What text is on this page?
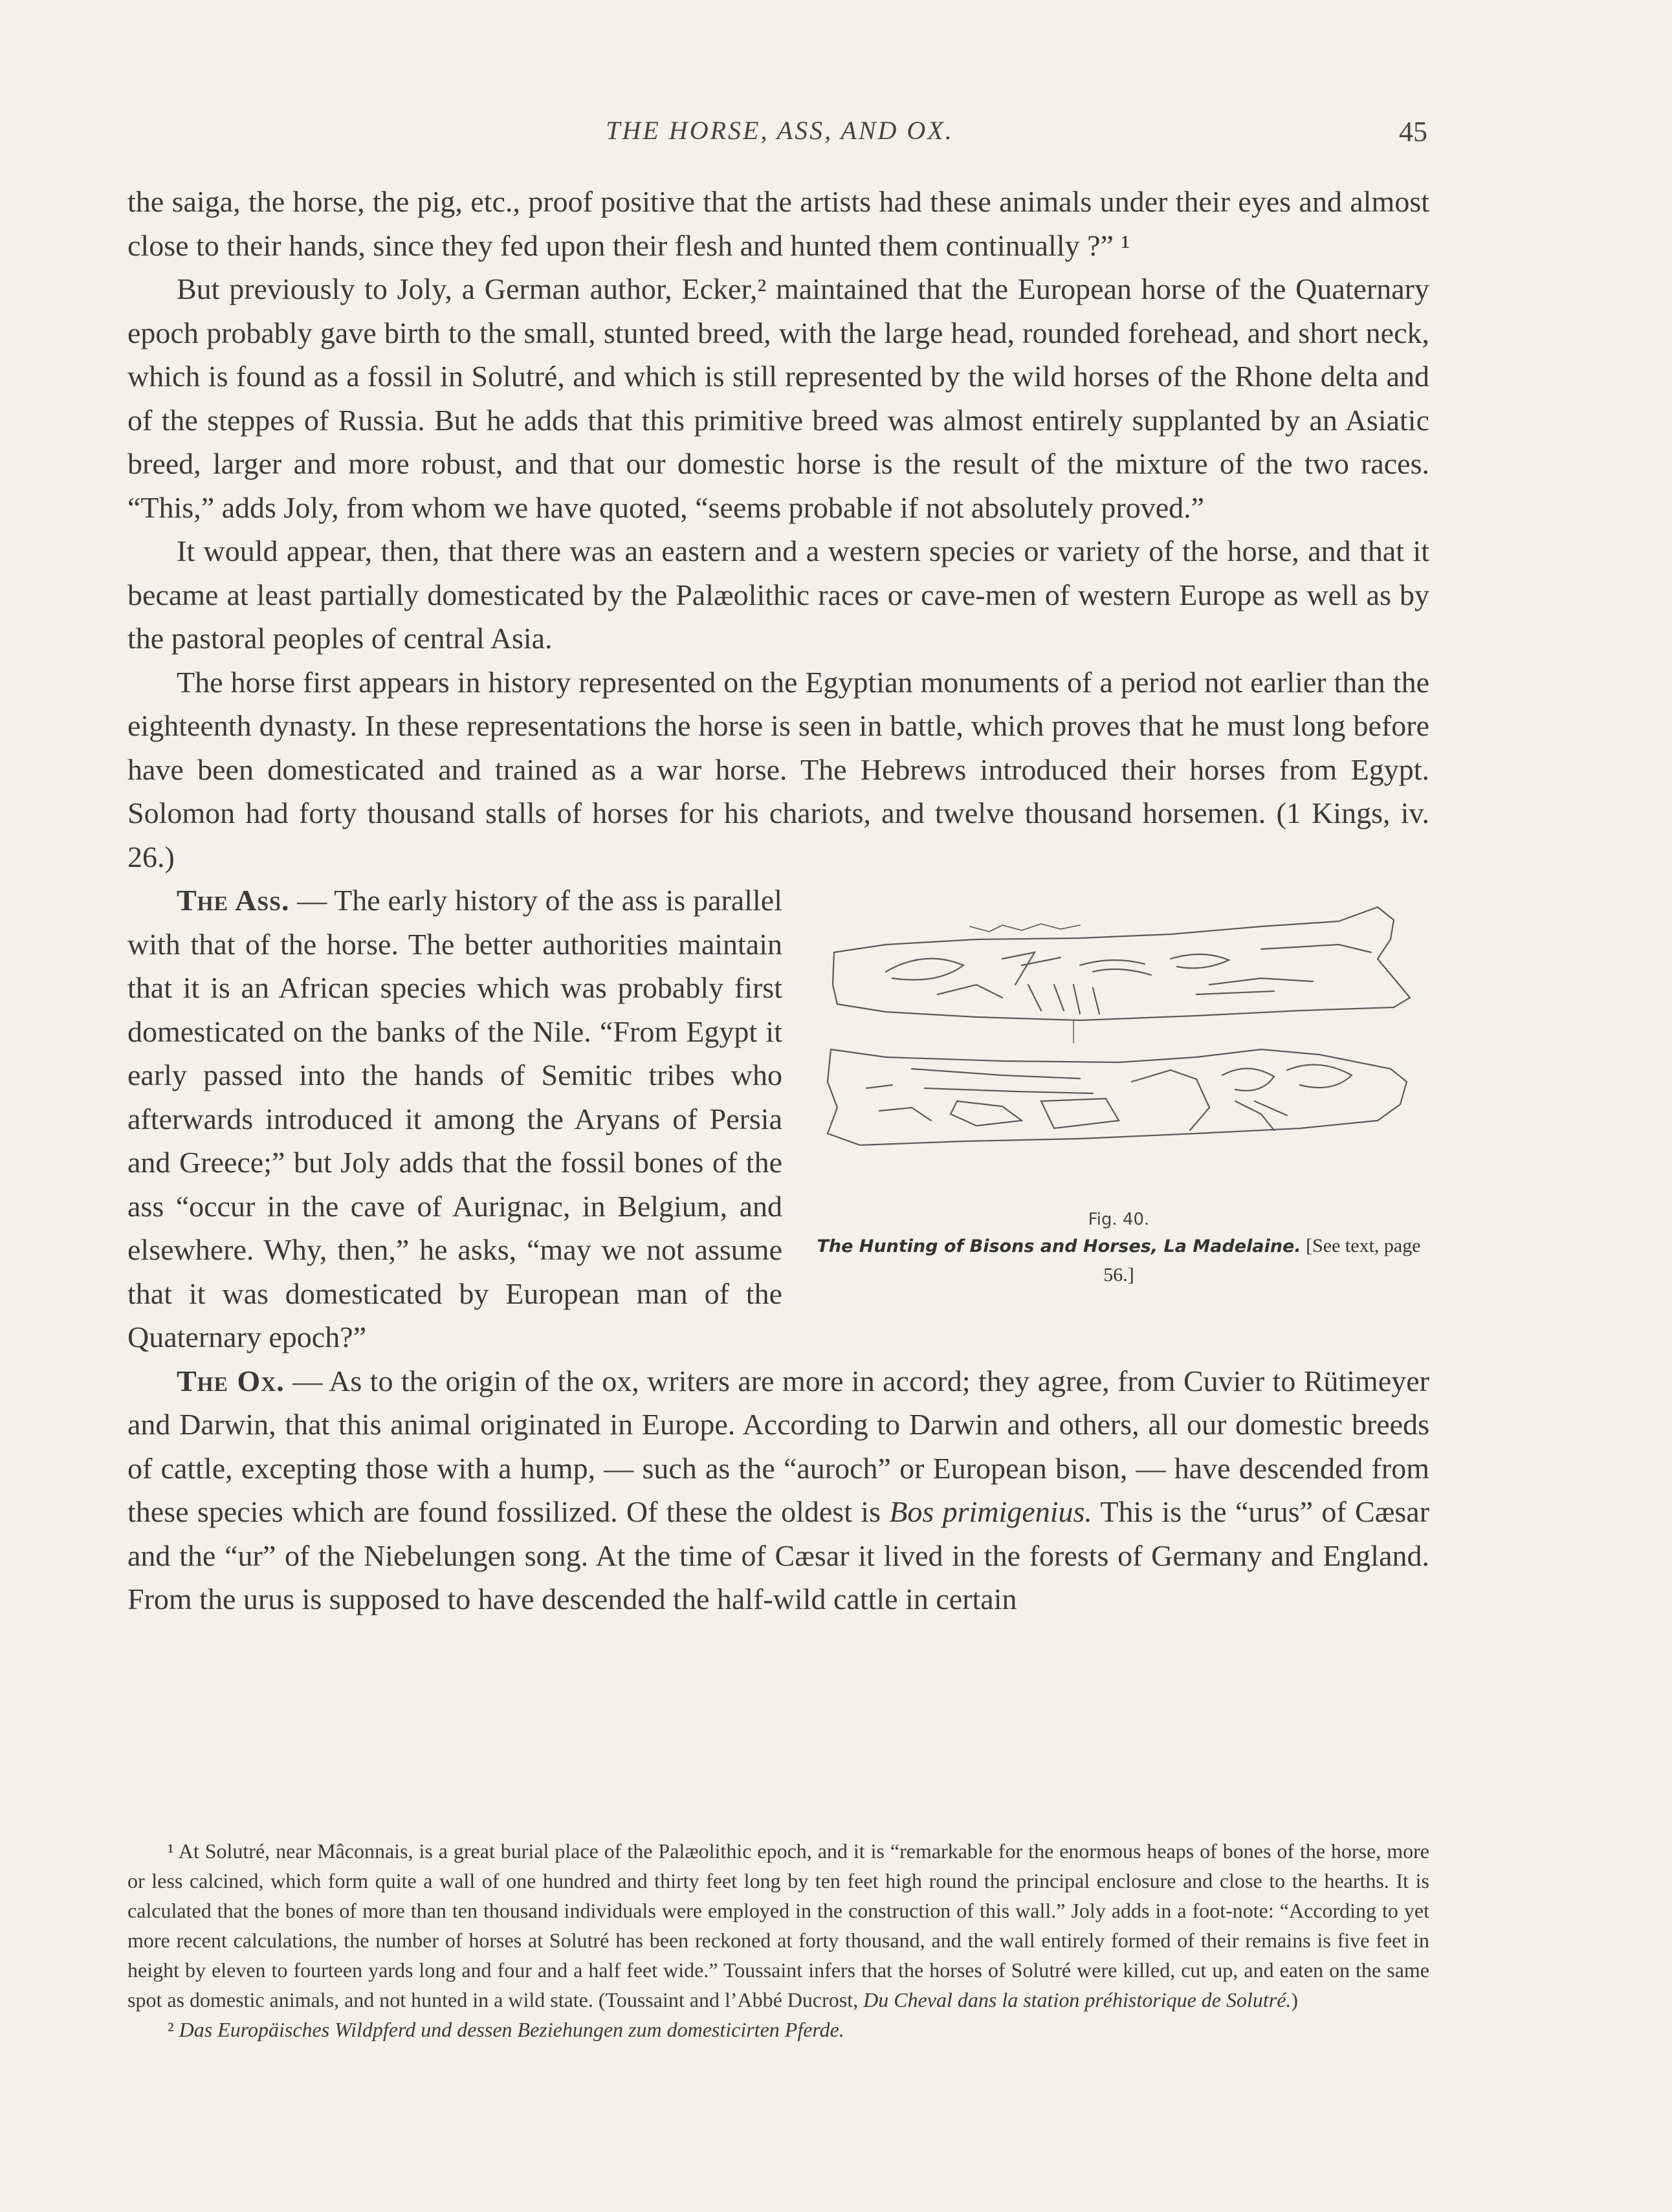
THE HORSE, ASS, AND OX.	45

the saiga, the horse, the pig, etc., proof positive that the artists had these animals under their eyes and almost close to their hands, since they fed upon their flesh and hunted them continually ?” ¹

But previously to Joly, a German author, Ecker,² maintained that the European horse of the Quaternary epoch probably gave birth to the small, stunted breed, with the large head, rounded forehead, and short neck, which is found as a fossil in Solutré, and which is still represented by the wild horses of the Rhone delta and of the steppes of Russia. But he adds that this primitive breed was almost entirely supplanted by an Asiatic breed, larger and more robust, and that our domestic horse is the result of the mixture of the two races. “This,” adds Joly, from whom we have quoted, “seems probable if not absolutely proved.”

It would appear, then, that there was an eastern and a western species or variety of the horse, and that it became at least partially domesticated by the Palæolithic races or cave-men of western Europe as well as by the pastoral peoples of central Asia.

The horse first appears in history represented on the Egyptian monuments of a period not earlier than the eighteenth dynasty. In these representations the horse is seen in battle, which proves that he must long before have been domesticated and trained as a war horse. The Hebrews introduced their horses from Egypt. Solomon had forty thousand stalls of horses for his chariots, and twelve thousand horsemen. (1 Kings, iv. 26.)

Fig. 40.
The Hunting of Bisons and Horses, La Madelaine. [See text, page 56.]

The Ass. — The early history of the ass is parallel with that of the horse. The better authorities maintain that it is an African species which was probably first domesticated on the banks of the Nile. “From Egypt it early passed into the hands of Semitic tribes who afterwards introduced it among the Aryans of Persia and Greece;” but Joly adds that the fossil bones of the ass “occur in the cave of Aurignac, in Belgium, and elsewhere. Why, then,” he asks, “may we not assume that it was domesticated by European man of the Quaternary epoch?”

The Ox. — As to the origin of the ox, writers are more in accord; they agree, from Cuvier to Rütimeyer and Darwin, that this animal originated in Europe. According to Darwin and others, all our domestic breeds of cattle, excepting those with a hump, — such as the “auroch” or European bison, — have descended from these species which are found fossilized. Of these the oldest is Bos primigenius. This is the “urus” of Cæsar and the “ur” of the Niebelungen song. At the time of Cæsar it lived in the forests of Germany and England. From the urus is supposed to have descended the half-wild cattle in certain

¹ At Solutré, near Mâconnais, is a great burial place of the Palæolithic epoch, and it is “remarkable for the enormous heaps of bones of the horse, more or less calcined, which form quite a wall of one hundred and thirty feet long by ten feet high round the principal enclosure and close to the hearths. It is calculated that the bones of more than ten thousand individuals were employed in the construction of this wall.” Joly adds in a foot-note: “According to yet more recent calculations, the number of horses at Solutré has been reckoned at forty thousand, and the wall entirely formed of their remains is five feet in height by eleven to fourteen yards long and four and a half feet wide.” Toussaint infers that the horses of Solutré were killed, cut up, and eaten on the same spot as domestic animals, and not hunted in a wild state. (Toussaint and l’Abbé Ducrost, Du Cheval dans la station préhistorique de Solutré.)

² Das Europäisches Wildpferd und dessen Beziehungen zum domesticirten Pferde.
